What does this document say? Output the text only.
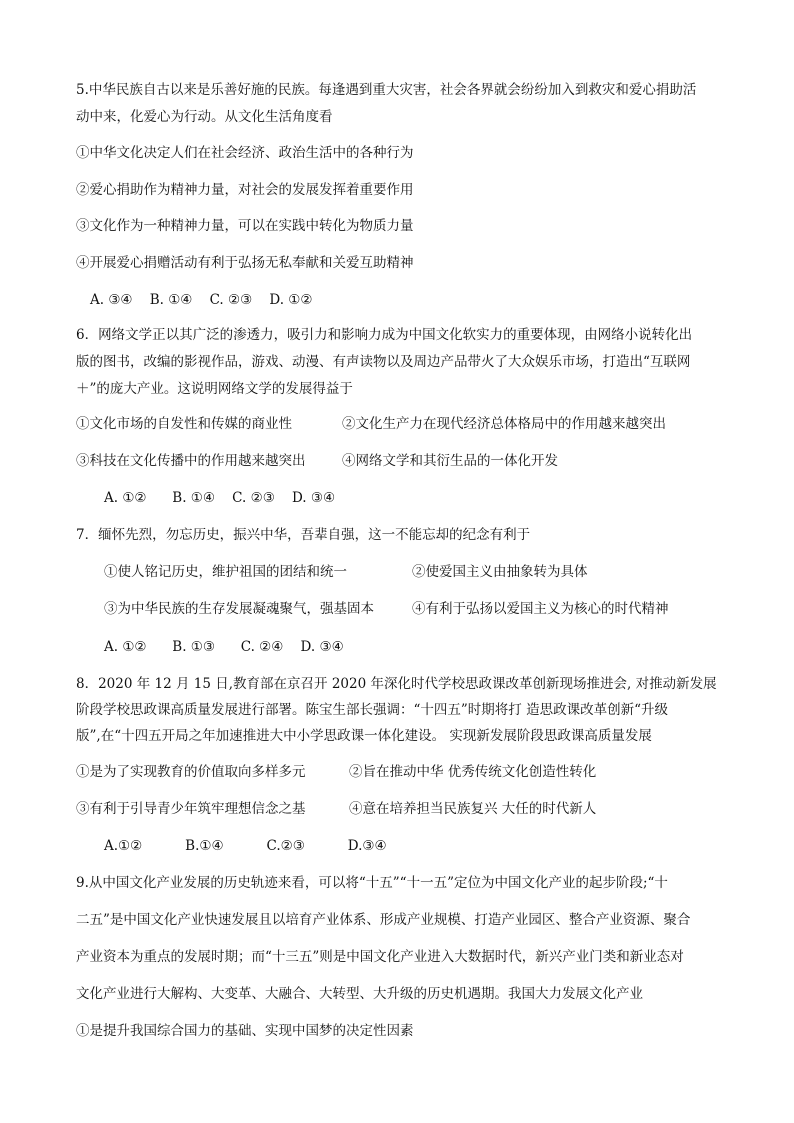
5.中华民族自古以来是乐善好施的民族。每逢遇到重大灾害，社会各界就会纷纷加入到救灾和爱心捐助活
动中来，化爱心为行动。从文化生活角度看
①中华文化决定人们在社会经济、政治生活中的各种行为
②爱心捐助作为精神力量，对社会的发展发挥着重要作用
③文化作为一种精神力量，可以在实践中转化为物质力量
④开展爱心捐赠活动有利于弘扬无私奉献和关爱互助精神
A. ③④    B. ①④    C. ②③    D. ①②
6．网络文学正以其广泛的渗透力，吸引力和影响力成为中国文化软实力的重要体现，由网络小说转化出
版的图书，改编的影视作品，游戏、动漫、有声读物以及周边产品带火了大众娱乐市场，打造出“互联网
＋”的庞大产业。这说明网络文学的发展得益于
①文化市场的自发性和传媒的商业性	②文化生产力在现代经济总体格局中的作用越来越突出
③科技在文化传播中的作用越来越突出	④网络文学和其衍生品的一体化开发
A. ①②      B. ①④    C. ②③    D. ③④
7．缅怀先烈，勿忘历史，振兴中华，吾辈自强，这一不能忘却的纪念有利于
①使人铭记历史，维护祖国的团结和统一	②使爱国主义由抽象转为具体
③为中华民族的生存发展凝魂聚气，强基固本	④有利于弘扬以爱国主义为核心的时代精神
A. ①②      B. ①③      C. ②④    D. ③④
8．2020 年 12 月 15 日,教育部在京召开 2020 年深化时代学校思政课改革创新现场推进会, 对推动新发展
阶段学校思政课高质量发展进行部署。陈宝生部长强调：“十四五”时期将打 造思政课改革创新“升级
版”,在“十四五开局之年加速推进大中小学思政课一体化建设。 实现新发展阶段思政课高质量发展
①是为了实现教育的价值取向多样多元	②旨在推动中华 优秀传统文化创造性转化
③有利于引导青少年筑牢理想信念之基	④意在培养担当民族复兴 大任的时代新人
A.①②          B.①④          C.②③          D.③④
9.从中国文化产业发展的历史轨迹来看，可以将“十五”“十一五”定位为中国文化产业的起步阶段;“十
二五”是中国文化产业快速发展且以培育产业体系、形成产业规模、打造产业园区、整合产业资源、聚合
产业资本为重点的发展时期；而“十三五”则是中国文化产业进入大数据时代，新兴产业门类和新业态对
文化产业进行大解构、大变革、大融合、大转型、大升级的历史机遇期。我国大力发展文化产业
①是提升我国综合国力的基础、实现中国梦的决定性因素
